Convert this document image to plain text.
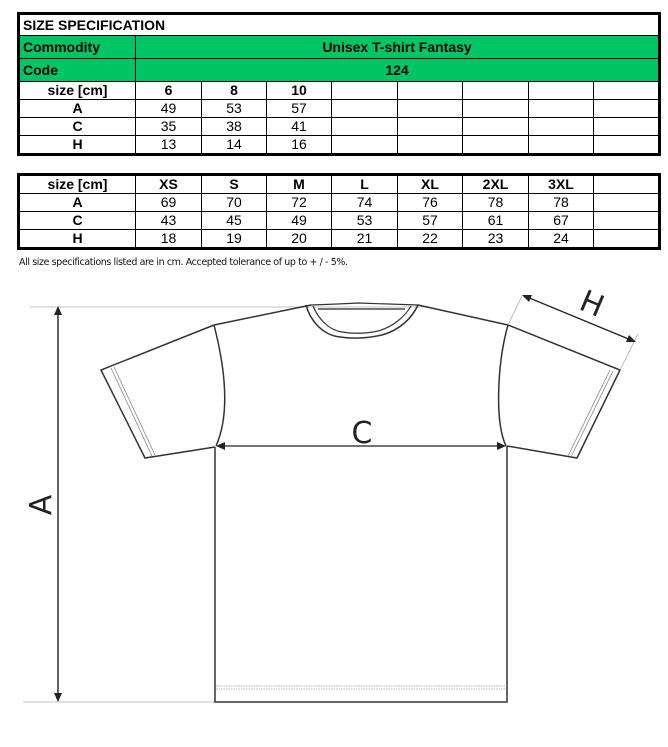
SIZE SPECIFICATION								
Commodity	Unisex T-shirt Fantasy							
Code	124							
size [cm]	6	8	10					
A	49	53	57					
C	35	38	41					
H	13	14	16					
size [cm]	XS	S	M	L	XL	2XL	3XL	
A	69	70	72	74	76	78	78	
C	43	45	49	53	57	61	67	
H	18	19	20	21	22	23	24	
All size specifications listed are in cm. Accepted tolerance of up to + / - 5%.
A
C
H
